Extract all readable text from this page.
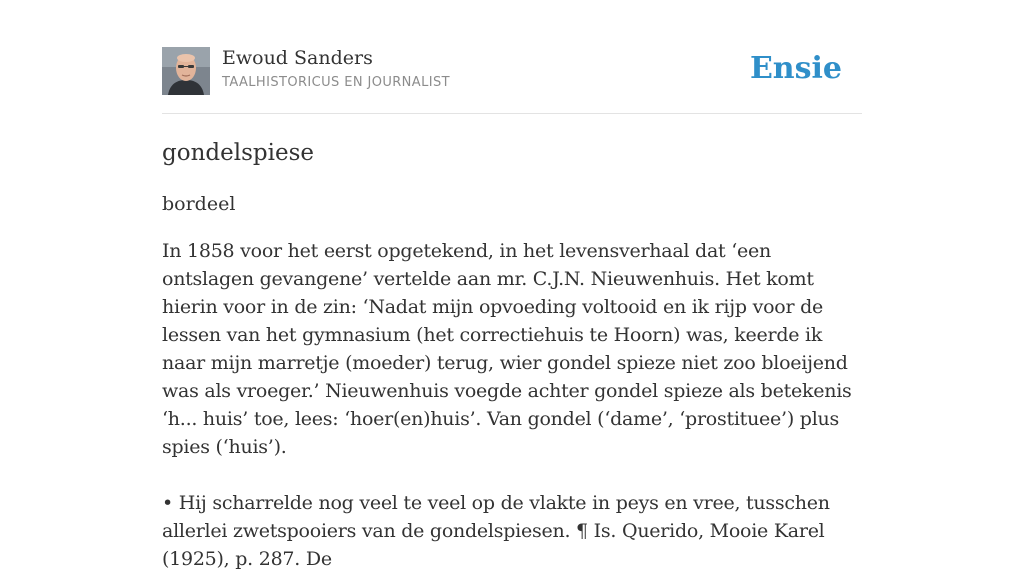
Ewoud Sanders
TAALHISTORICUS EN JOURNALIST	Ensie
gondelspiese

bordeel

In 1858 voor het eerst opgetekend, in het levensverhaal dat ‘een ontslagen gevangene’ vertelde aan mr. C.J.N. Nieuwenhuis. Het komt hierin voor in de zin: ‘Nadat mijn opvoeding voltooid en ik rijp voor de lessen van het gymnasium (het correctiehuis te Hoorn) was, keerde ik naar mijn marretje (moeder) terug, wier gondel spieze niet zoo bloeijend was als vroeger.’ Nieuwenhuis voegde achter gondel spieze als betekenis ‘h... huis’ toe, lees: ‘hoer(en)huis’. Van gondel (‘dame’, ‘prostituee’) plus spies (‘huis’).

• Hij scharrelde nog veel te veel op de vlakte in peys en vree, tusschen allerlei zwetspooiers van de gondelspiesen. ¶ Is. Querido, Mooie Karel (1925), p. 287. De
